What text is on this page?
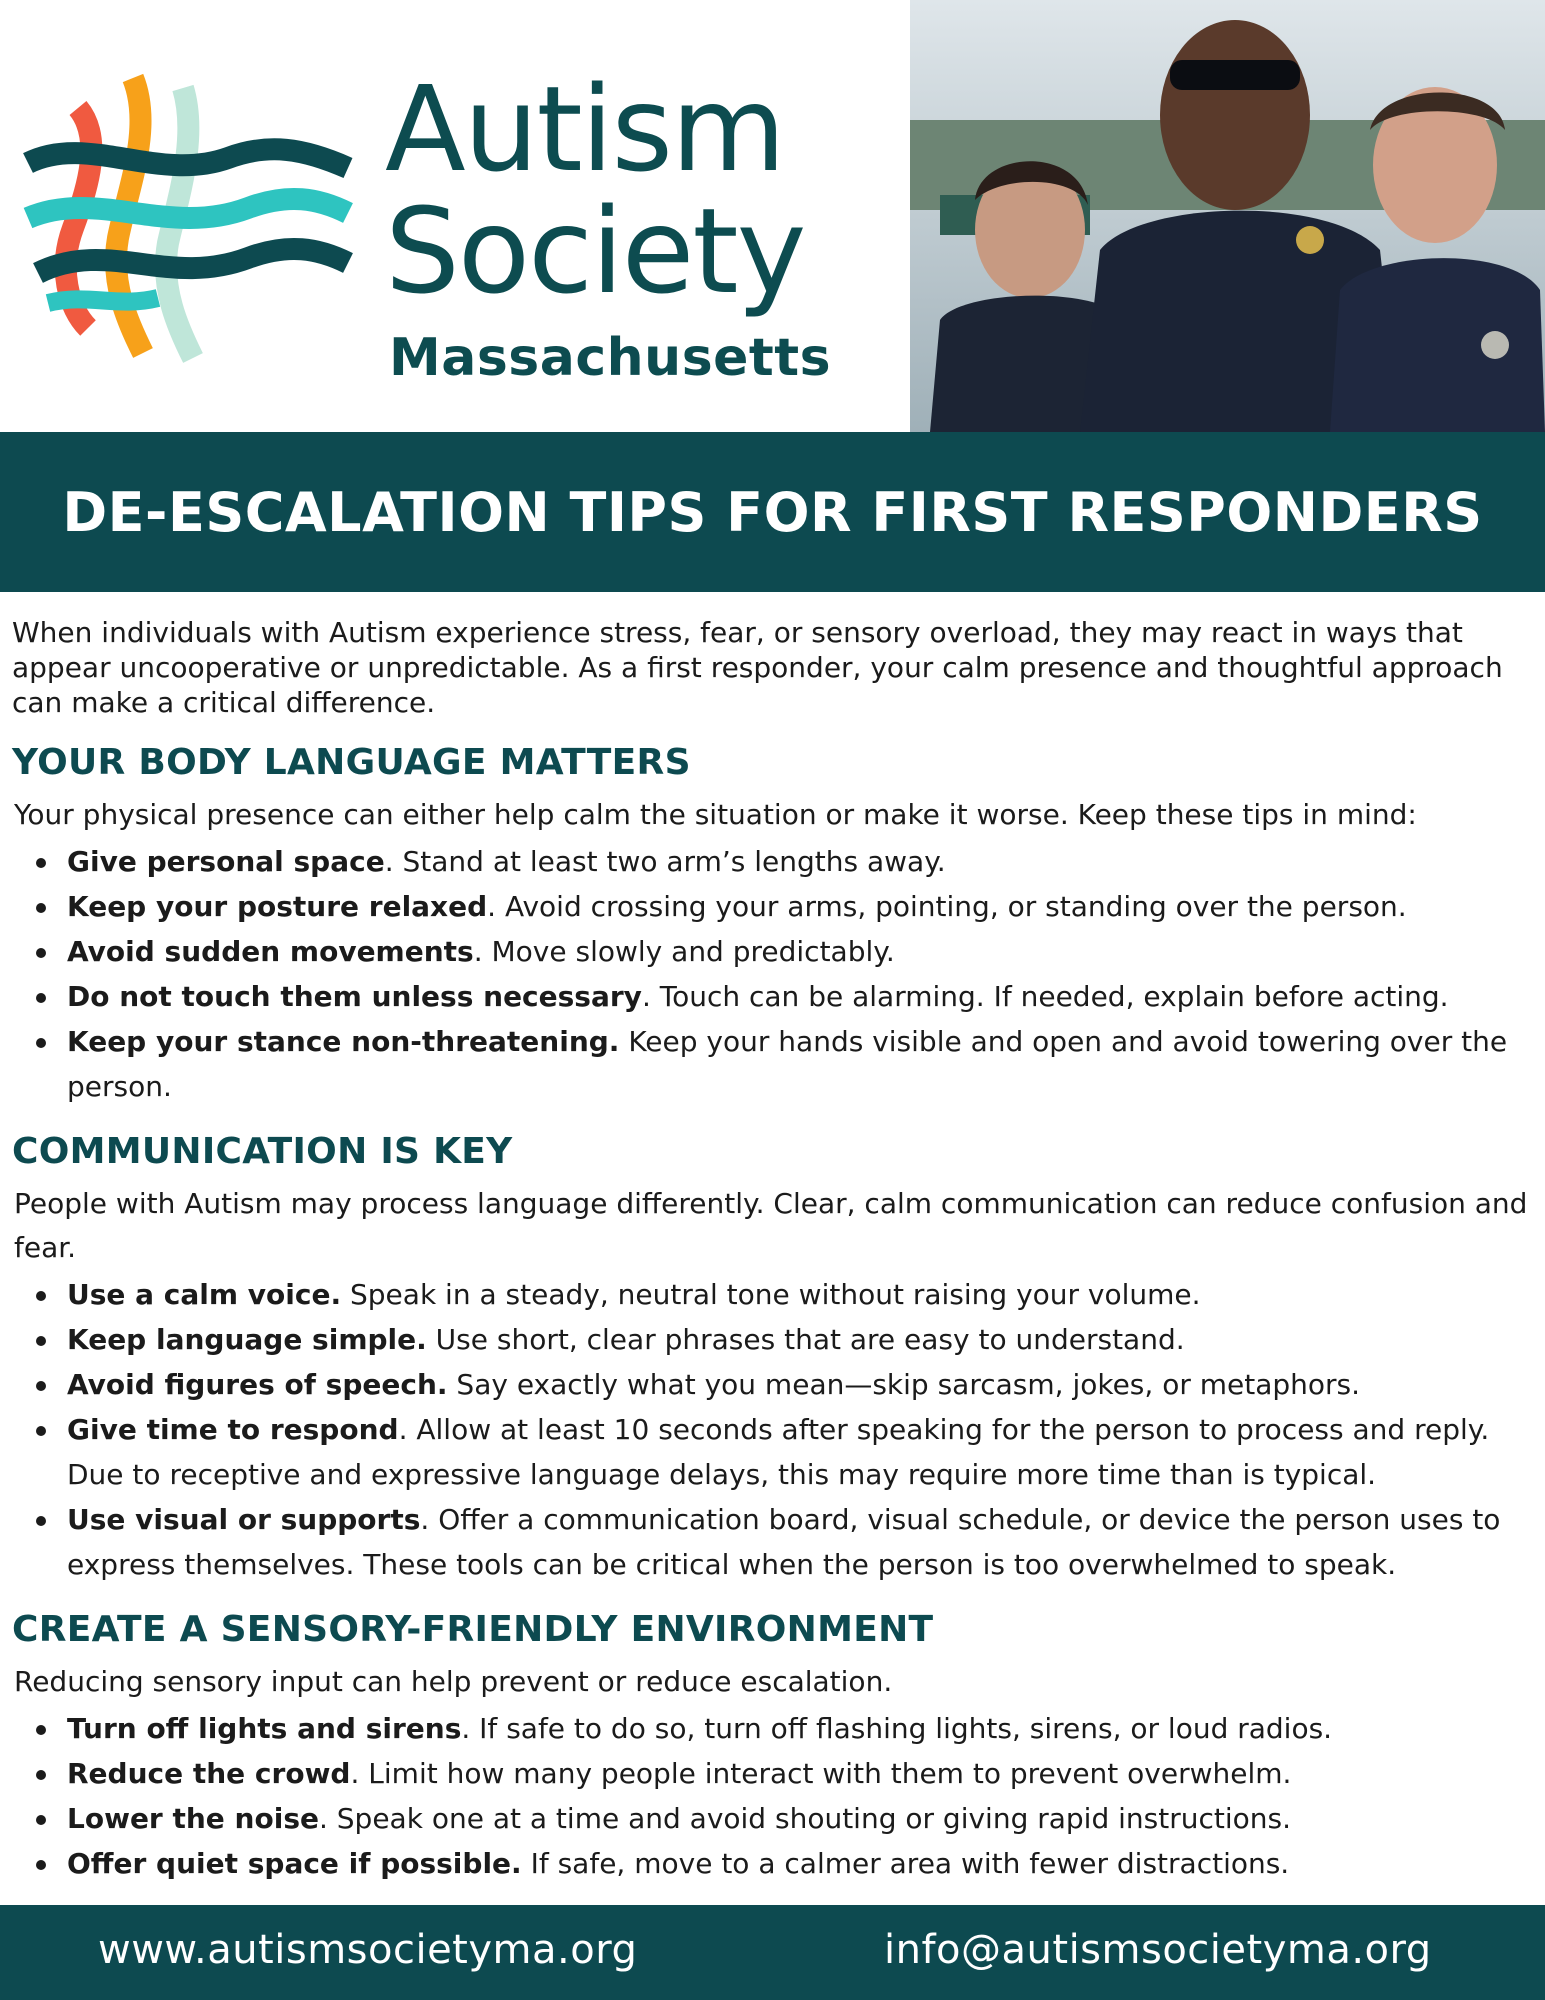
Autism
Society
Massachusetts
DE-ESCALATION TIPS FOR FIRST RESPONDERS

When individuals with Autism experience stress, fear, or sensory overload, they may react in ways that appear uncooperative or unpredictable. As a first responder, your calm presence and thoughtful approach can make a critical difference.

YOUR BODY LANGUAGE MATTERS
Your physical presence can either help calm the situation or make it worse. Keep these tips in mind:
Give personal space. Stand at least two arm’s lengths away.
Keep your posture relaxed. Avoid crossing your arms, pointing, or standing over the person.
Avoid sudden movements. Move slowly and predictably.
Do not touch them unless necessary. Touch can be alarming. If needed, explain before acting.
Keep your stance non-threatening. Keep your hands visible and open and avoid towering over the person.
COMMUNICATION IS KEY
People with Autism may process language differently. Clear, calm communication can reduce confusion and fear.
Use a calm voice. Speak in a steady, neutral tone without raising your volume.
Keep language simple. Use short, clear phrases that are easy to understand.
Avoid figures of speech. Say exactly what you mean—skip sarcasm, jokes, or metaphors.
Give time to respond. Allow at least 10 seconds after speaking for the person to process and reply. Due to receptive and expressive language delays, this may require more time than is typical.
Use visual or supports. Offer a communication board, visual schedule, or device the person uses to express themselves. These tools can be critical when the person is too overwhelmed to speak.
CREATE A SENSORY-FRIENDLY ENVIRONMENT
Reducing sensory input can help prevent or reduce escalation.
Turn off lights and sirens. If safe to do so, turn off flashing lights, sirens, or loud radios.
Reduce the crowd. Limit how many people interact with them to prevent overwhelm.
Lower the noise. Speak one at a time and avoid shouting or giving rapid instructions.
Offer quiet space if possible. If safe, move to a calmer area with fewer distractions.
www.autismsocietyma.org	info@autismsocietyma.org
